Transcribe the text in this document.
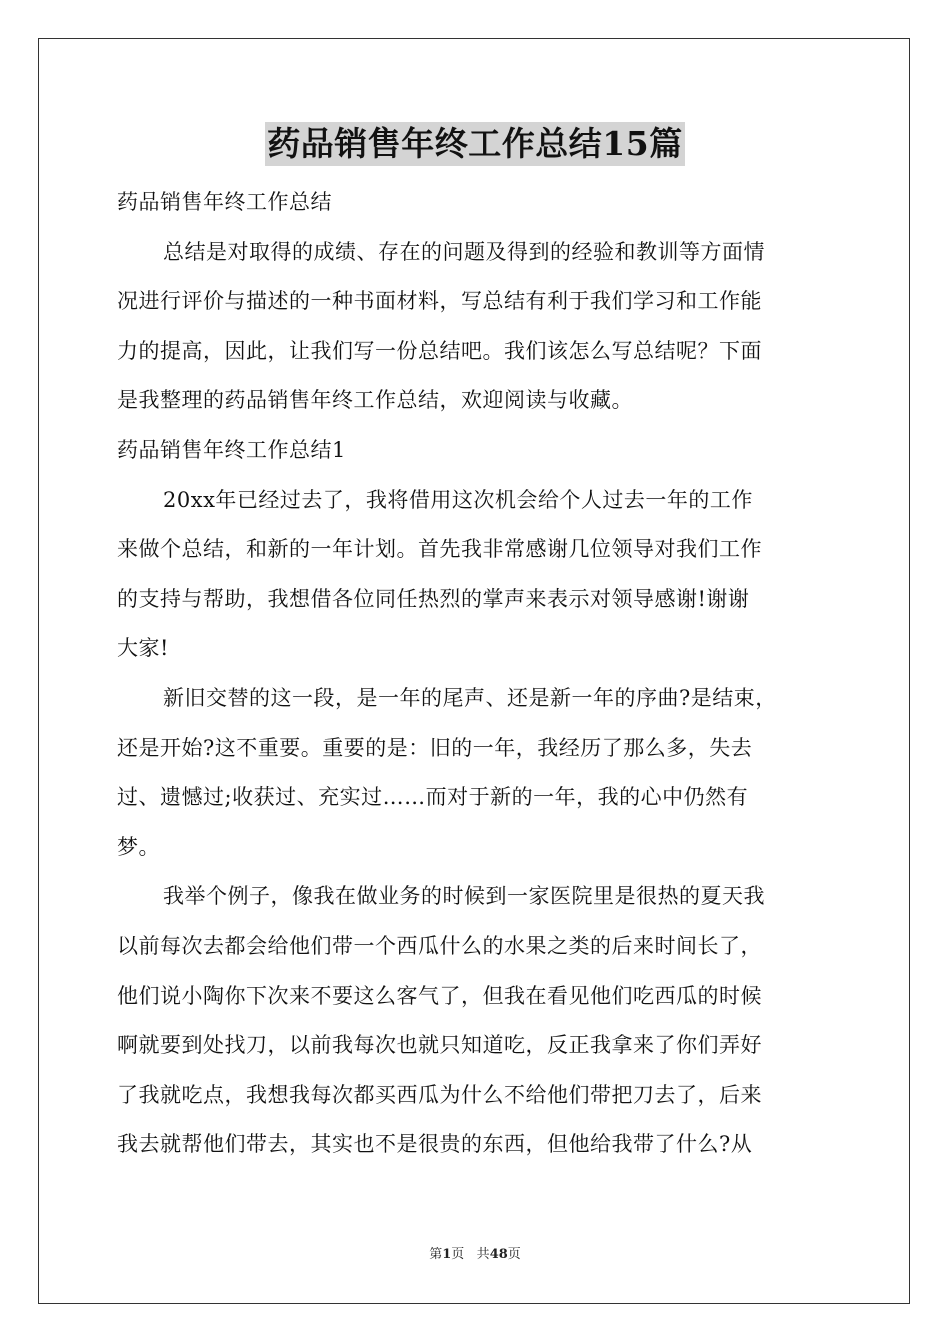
药品销售年终工作总结15篇
药品销售年终工作总结
总结是对取得的成绩、存在的问题及得到的经验和教训等方面情
况进行评价与描述的一种书面材料，写总结有利于我们学习和工作能
力的提高，因此，让我们写一份总结吧。我们该怎么写总结呢？下面
是我整理的药品销售年终工作总结，欢迎阅读与收藏。
药品销售年终工作总结1
20xx年已经过去了，我将借用这次机会给个人过去一年的工作
来做个总结，和新的一年计划。首先我非常感谢几位领导对我们工作
的支持与帮助，我想借各位同任热烈的掌声来表示对领导感谢!谢谢
大家!
新旧交替的这一段，是一年的尾声、还是新一年的序曲?是结束，
还是开始?这不重要。重要的是：旧的一年，我经历了那么多，失去
过、遗憾过;收获过、充实过……而对于新的一年，我的心中仍然有
梦。
我举个例子，像我在做业务的时候到一家医院里是很热的夏天我
以前每次去都会给他们带一个西瓜什么的水果之类的后来时间长了，
他们说小陶你下次来不要这么客气了，但我在看见他们吃西瓜的时候
啊就要到处找刀，以前我每次也就只知道吃，反正我拿来了你们弄好
了我就吃点，我想我每次都买西瓜为什么不给他们带把刀去了，后来
我去就帮他们带去，其实也不是很贵的东西，但他给我带了什么?从
第1页 共48页
